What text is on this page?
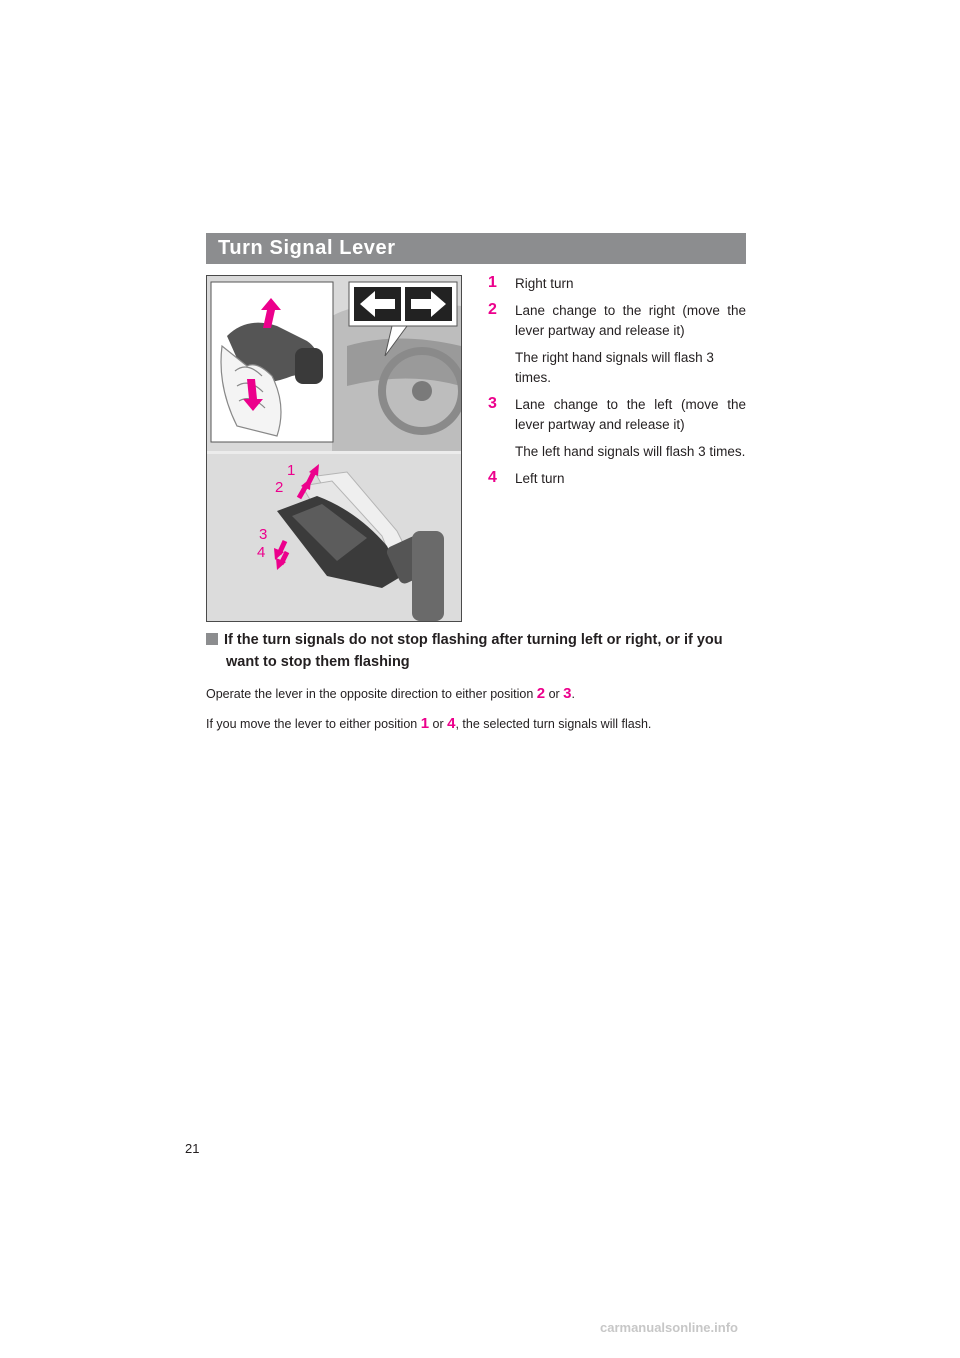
Turn Signal Lever
1
2
3
4
1 Right turn
2 Lane change to the right (move the lever partway and release it)
The right hand signals will flash 3 times.
3 Lane change to the left (move the lever partway and release it)
The left hand signals will flash 3 times.
4 Left turn
If the turn signals do not stop flashing after turning left or right, or if you want to stop them flashing
Operate the lever in the opposite direction to either position 2 or 3.
If you move the lever to either position 1 or 4, the selected turn signals will flash.
21
carmanualsonline.info
